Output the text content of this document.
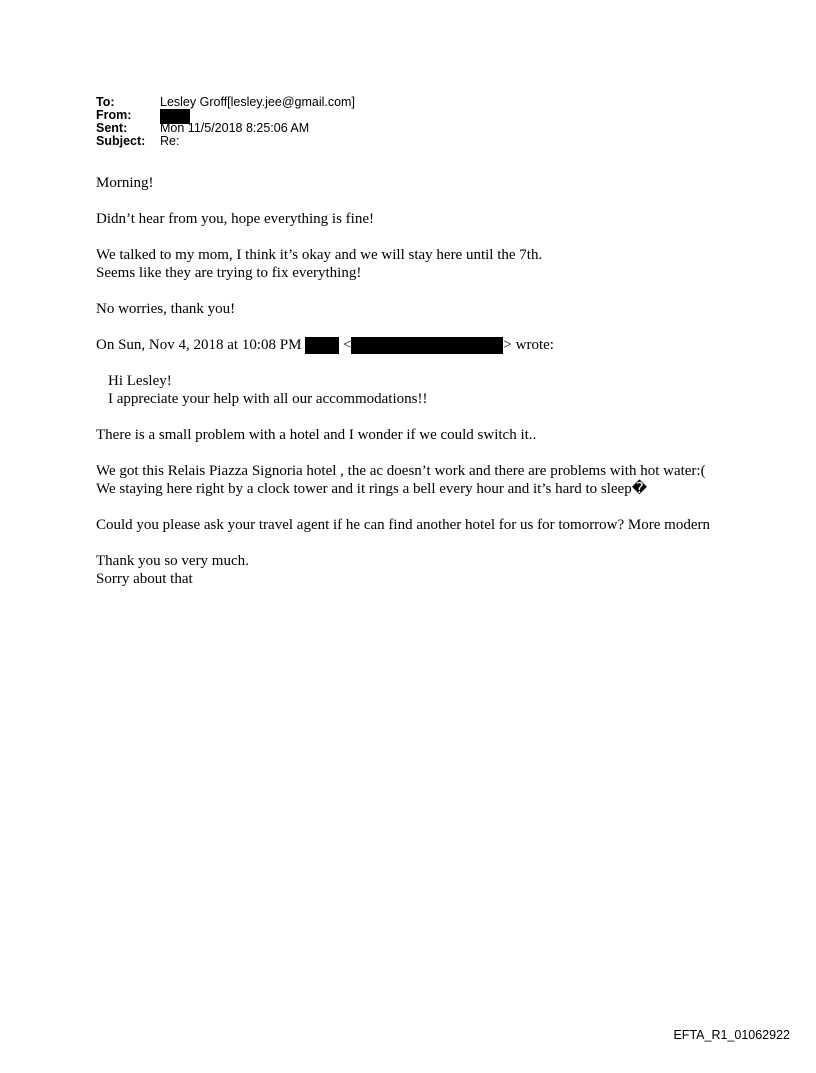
To:	Lesley Groff[lesley.jee@gmail.com]
From:
Sent:	Mon 11/5/2018 8:25:06 AM
Subject:	Re:

Morning!

Didn’t hear from you, hope everything is fine!

We talked to my mom, I think it’s okay and we will stay here until the 7th.
Seems like they are trying to fix everything!

No worries, thank you!

On Sun, Nov 4, 2018 at 10:08 PM	<	> wrote:

Hi Lesley!
I appreciate your help with all our accommodations!!

There is a small problem with a hotel and I wonder if we could switch it..

We got this Relais Piazza Signoria hotel , the ac doesn’t work and there are problems with hot water:(
We staying here right by a clock tower and it rings a bell every hour and it’s hard to sleep�

Could you please ask your travel agent if he can find another hotel for us for tomorrow? More modern

Thank you so very much.
Sorry about that

EFTA_R1_01062922
